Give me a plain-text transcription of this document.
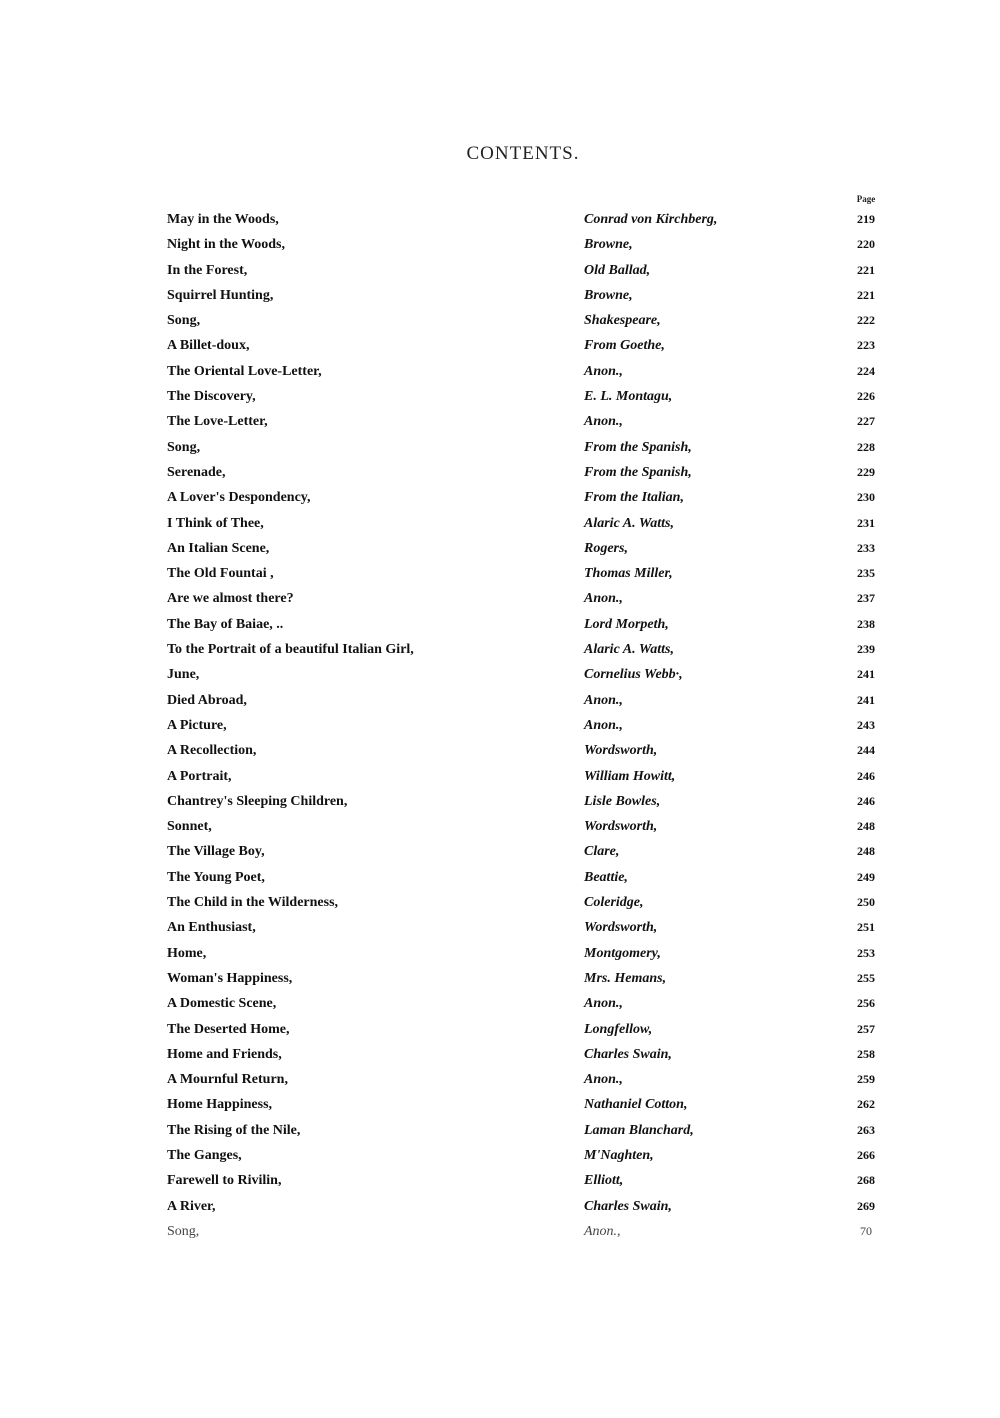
CONTENTS.
Page
May in the Woods,	Conrad von Kirchberg,	219
Night in the Woods,	Browne,	220
In the Forest,	Old Ballad,	221
Squirrel Hunting,	Browne,	221
Song,	Shakespeare,	222
A Billet-doux,	From Goethe,	223
The Oriental Love-Letter,	Anon.,	224
The Discovery,	E. L. Montagu,	226
The Love-Letter,	Anon.,	227
Song,	From the Spanish,	228
Serenade,	From the Spanish,	229
A Lover's Despondency,	From the Italian,	230
I Think of Thee,	Alaric A. Watts,	231
An Italian Scene,	Rogers,	233
The Old Fountai ,	Thomas Miller,	235
Are we almost there?	Anon.,	237
The Bay of Baiae, ..	Lord Morpeth,	238
To the Portrait of a beautiful Italian Girl,	Alaric A. Watts,	239
June,	Cornelius Webb·,	241
Died Abroad,	Anon.,	241
A Picture,	Anon.,	243
A Recollection,	Wordsworth,	244
A Portrait,	William Howitt,	246
Chantrey's Sleeping Children,	Lisle Bowles,	246
Sonnet,	Wordsworth,	248
The Village Boy,	Clare,	248
The Young Poet,	Beattie,	249
The Child in the Wilderness,	Coleridge,	250
An Enthusiast,	Wordsworth,	251
Home,	Montgomery,	253
Woman's Happiness,	Mrs. Hemans,	255
A Domestic Scene,	Anon.,	256
The Deserted Home,	Longfellow,	257
Home and Friends,	Charles Swain,	258
A Mournful Return,	Anon.,	259
Home Happiness,	Nathaniel Cotton,	262
The Rising of the Nile,	Laman Blanchard,	263
The Ganges,	M'Naghten,	266
Farewell to Rivilin,	Elliott,	268
A River,	Charles Swain,	269
Song,	Anon.,	70
